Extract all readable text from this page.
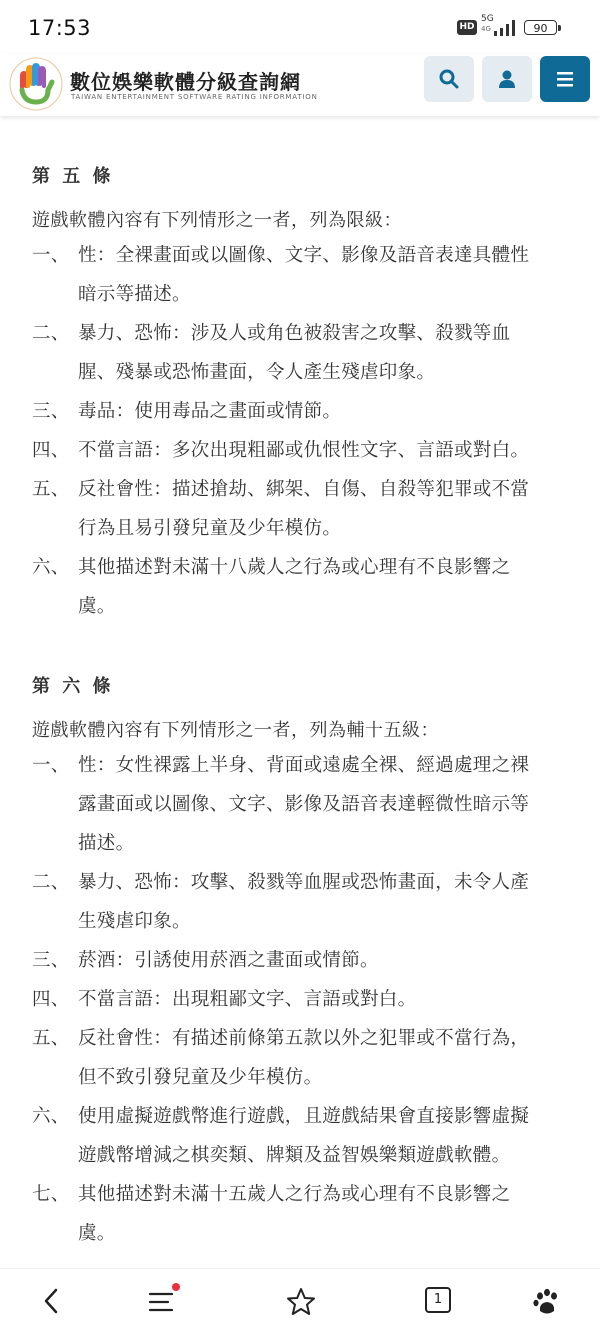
17:53	HD
5G
4G	90
數位娛樂軟體分級查詢網
TAIWAN ENTERTAINMENT SOFTWARE RATING INFORMATION
第 五 條
遊戲軟體內容有下列情形之一者，列為限級：
一、 性：全裸畫面或以圖像、文字、影像及語音表達具體性
暗示等描述。
二、 暴力、恐怖：涉及人或角色被殺害之攻擊、殺戮等血
腥、殘暴或恐怖畫面，令人產生殘虐印象。
三、 毒品：使用毒品之畫面或情節。
四、 不當言語：多次出現粗鄙或仇恨性文字、言語或對白。
五、 反社會性：描述搶劫、綁架、自傷、自殺等犯罪或不當
行為且易引發兒童及少年模仿。
六、 其他描述對未滿十八歲人之行為或心理有不良影響之
虞。
第 六 條
遊戲軟體內容有下列情形之一者，列為輔十五級：
一、 性：女性裸露上半身、背面或遠處全裸、經過處理之裸
露畫面或以圖像、文字、影像及語音表達輕微性暗示等
描述。
二、 暴力、恐怖：攻擊、殺戮等血腥或恐怖畫面，未令人產
生殘虐印象。
三、 菸酒：引誘使用菸酒之畫面或情節。
四、 不當言語：出現粗鄙文字、言語或對白。
五、 反社會性：有描述前條第五款以外之犯罪或不當行為，
但不致引發兒童及少年模仿。
六、 使用虛擬遊戲幣進行遊戲，且遊戲結果會直接影響虛擬
遊戲幣增減之棋奕類、牌類及益智娛樂類遊戲軟體。
七、 其他描述對未滿十五歲人之行為或心理有不良影響之
虞。
1
